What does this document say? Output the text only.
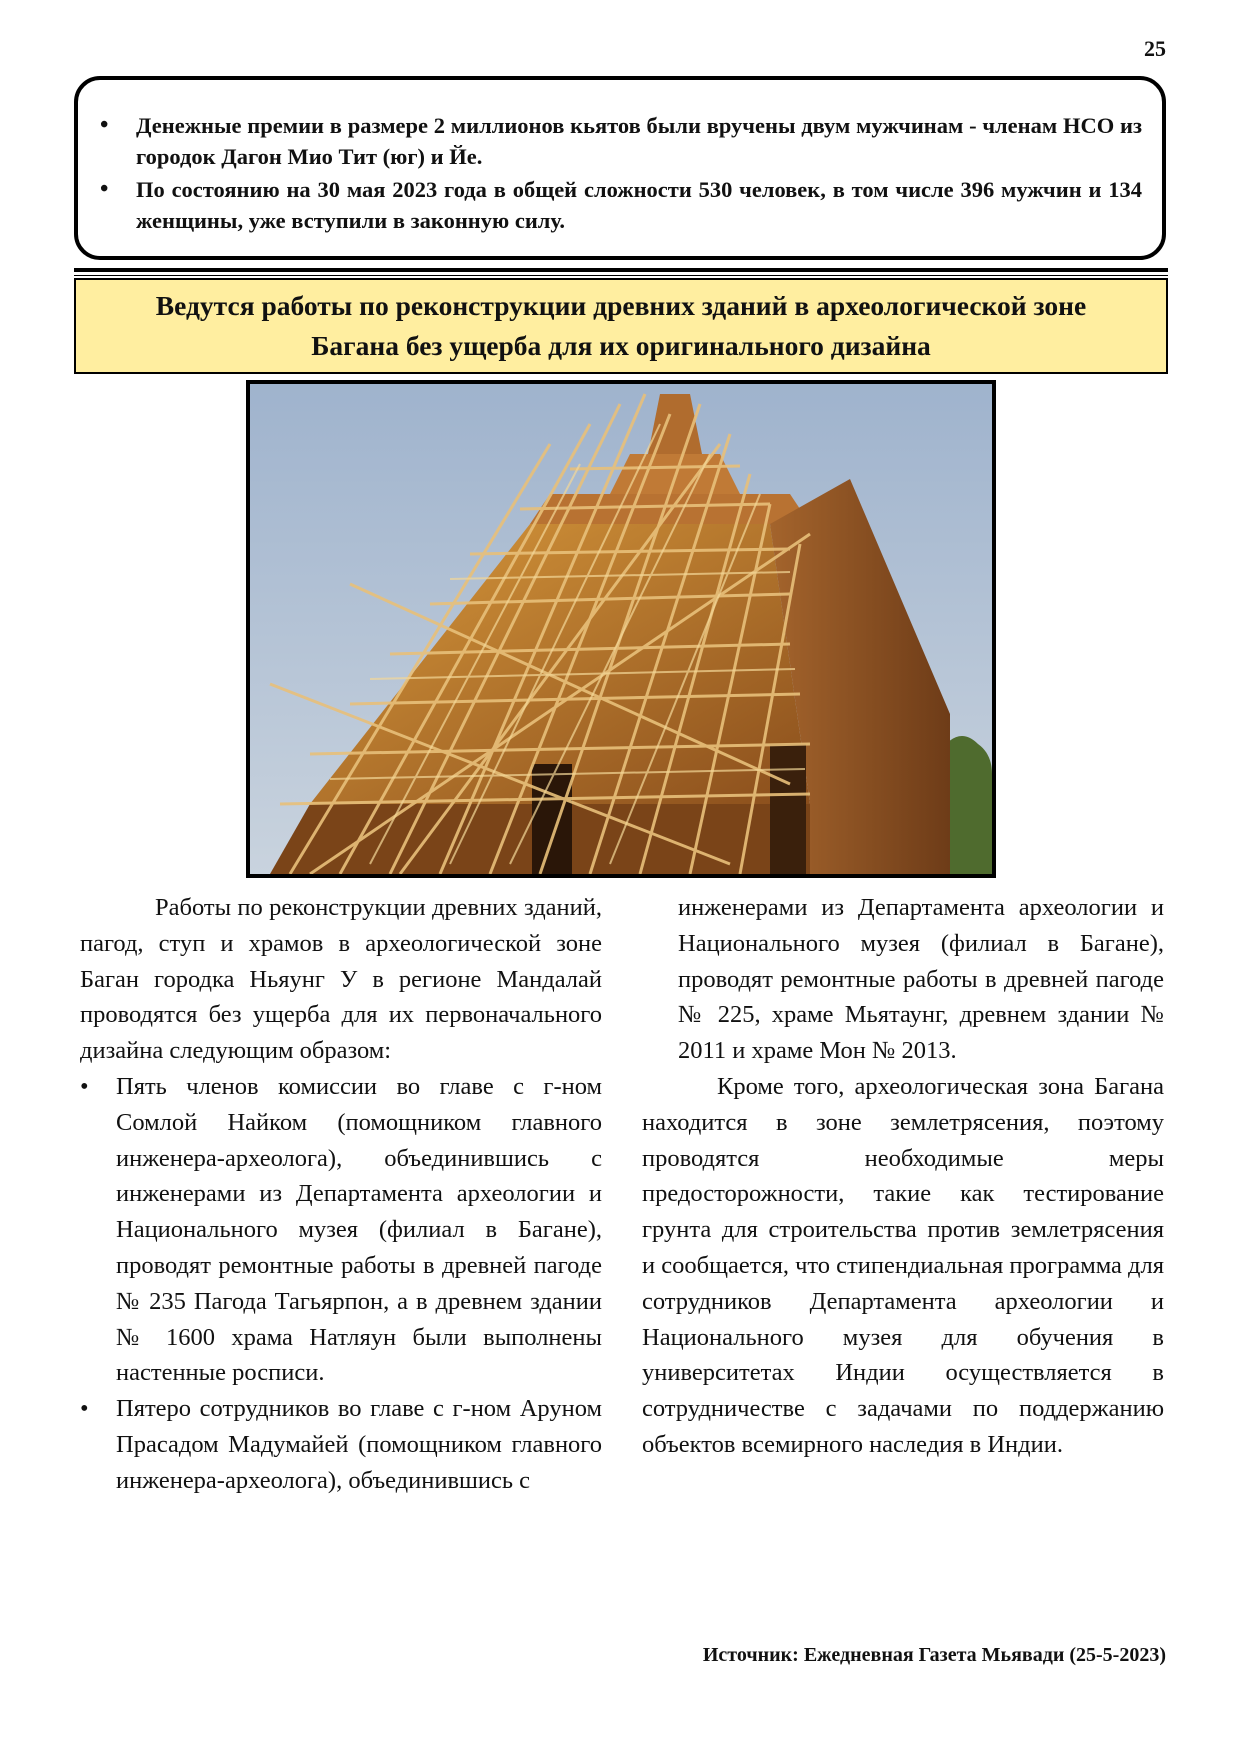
25
• Денежные премии в размере 2 миллионов кьятов были вручены двум мужчинам - членам НСО из городок Дагон Мио Тит (юг) и Йе.
• По состоянию на 30 мая 2023 года в общей сложности 530 человек, в том числе 396 мужчин и 134 женщины, уже вступили в законную силу.
Ведутся работы по реконструкции древних зданий в археологической зоне
Багана без ущерба для их оригинального дизайна

Работы по реконструкции древних зданий, пагод, ступ и храмов в археологической зоне Баган городка Ньяунг У в регионе Мандалай проводятся без ущерба для их первоначального дизайна следующим образом:

• Пять членов комиссии во главе с г-ном Сомлой Найком (помощником главного инженера-археолога), объединившись с инженерами из Департамента археологии и Национального музея (филиал в Багане), проводят ремонтные работы в древней пагоде № 235 Пагода Тагьярпон, а в древнем здании № 1600 храма Натляун были выполнены настенные росписи.
• Пятеро сотрудников во главе с г-ном Аруном Прасадом Мадумайей (помощником главного инженера-археолога), объединившись с

инженерами из Департамента археологии и Национального музея (филиал в Багане), проводят ремонтные работы в древней пагоде № 225, храме Мьятаунг, древнем здании № 2011 и храме Мон № 2013.

Кроме того, археологическая зона Багана находится в зоне землетрясения, поэтому проводятся необходимые меры предосторожности, такие как тестирование грунта для строительства против землетрясения и сообщается, что стипендиальная программа для сотрудников Департамента археологии и Национального музея для обучения в университетах Индии осуществляется в сотрудничестве с задачами по поддержанию объектов всемирного наследия в Индии.

Источник: Ежедневная Газета Мьявади (25-5-2023)
